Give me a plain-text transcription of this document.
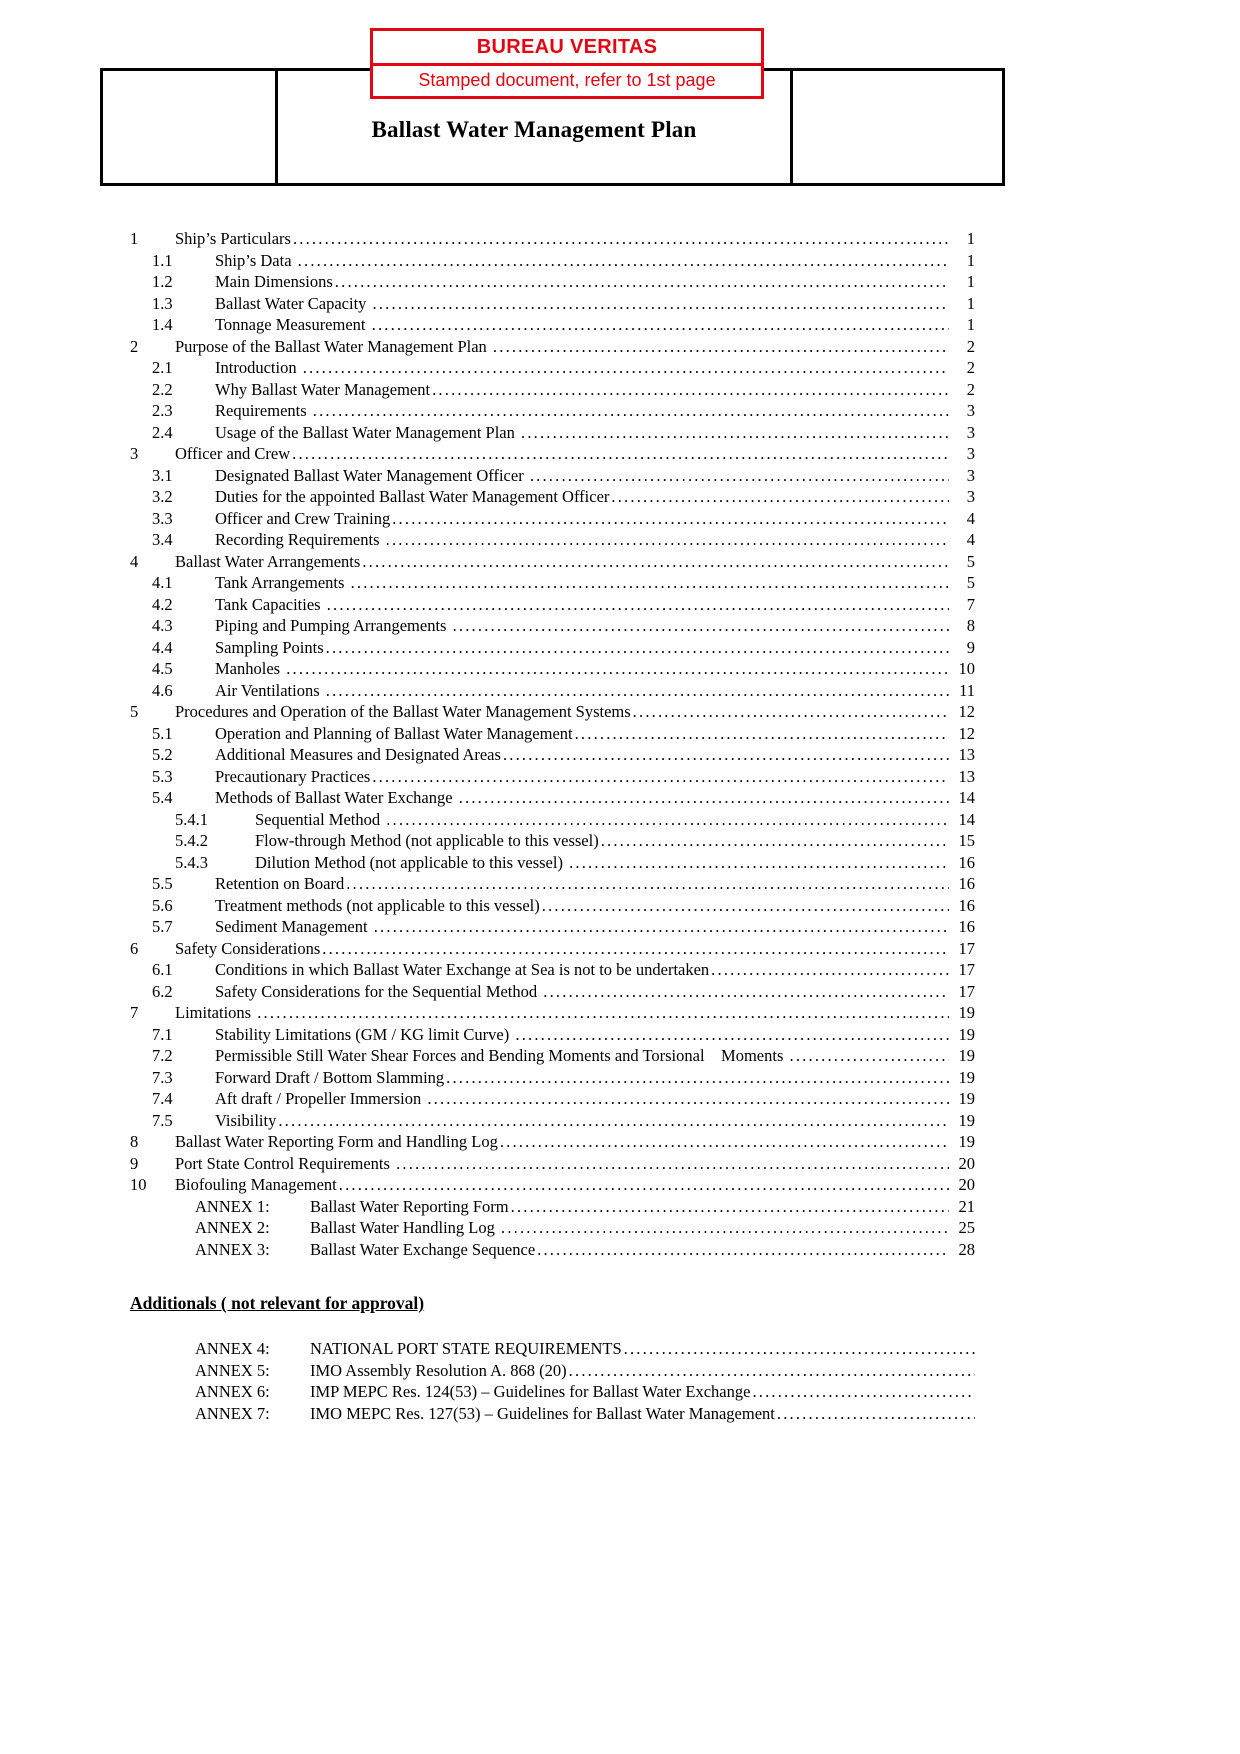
Ballast Water Management Plan
BUREAU VERITAS
Stamped document, refer to 1st page
1	Ship’s Particulars .....	1
1.1	Ship’s Data .....	1
1.2	Main Dimensions .....	1
1.3	Ballast Water Capacity .....	1
1.4	Tonnage Measurement .....	1
2	Purpose of the Ballast Water Management Plan .....	2
2.1	Introduction .....	2
2.2	Why Ballast Water Management .....	2
2.3	Requirements .....	3
2.4	Usage of the Ballast Water Management Plan .....	3
3	Officer and Crew .....	3
3.1	Designated Ballast Water Management Officer .....	3
3.2	Duties for the appointed Ballast Water Management Officer .....	3
3.3	Officer and Crew Training .....	4
3.4	Recording Requirements .....	4
4	Ballast Water Arrangements .....	5
4.1	Tank Arrangements .....	5
4.2	Tank Capacities .....	7
4.3	Piping and Pumping Arrangements .....	8
4.4	Sampling Points .....	9
4.5	Manholes .....	10
4.6	Air Ventilations .....	11
5	Procedures and Operation of the Ballast Water Management Systems .....	12
5.1	Operation and Planning of Ballast Water Management .....	12
5.2	Additional Measures and Designated Areas .....	13
5.3	Precautionary Practices .....	13
5.4	Methods of Ballast Water Exchange .....	14
5.4.1	Sequential Method .....	14
5.4.2	Flow-through Method (not applicable to this vessel) .....	15
5.4.3	Dilution Method (not applicable to this vessel) .....	16
5.5	Retention on Board .....	16
5.6	Treatment methods (not applicable to this vessel) .....	16
5.7	Sediment Management .....	16
6	Safety Considerations .....	17
6.1	Conditions in which Ballast Water Exchange at Sea is not to be undertaken .....	17
6.2	Safety Considerations for the Sequential Method .....	17
7	Limitations .....	19
7.1	Stability Limitations (GM / KG limit Curve) .....	19
7.2	Permissible Still Water Shear Forces and Bending Moments and Torsional    Moments .....	19
7.3	Forward Draft / Bottom Slamming .....	19
7.4	Aft draft / Propeller Immersion .....	19
7.5	Visibility .....	19
8	Ballast Water Reporting Form and Handling Log .....	19
9	Port State Control Requirements .....	20
10	Biofouling Management .....	20
ANNEX 1:	Ballast Water Reporting Form .....	21
ANNEX 2:	Ballast Water Handling Log .....	25
ANNEX 3:	Ballast Water Exchange Sequence .....	28
Additionals ( not relevant for approval)
ANNEX 4:	NATIONAL PORT STATE REQUIREMENTS
.....
ANNEX 5:	IMO Assembly Resolution A. 868 (20)
.....
ANNEX 6:	IMP MEPC Res. 124(53) – Guidelines for Ballast Water Exchange
.....
ANNEX 7:	IMO MEPC Res. 127(53) – Guidelines for Ballast Water Management
.....
